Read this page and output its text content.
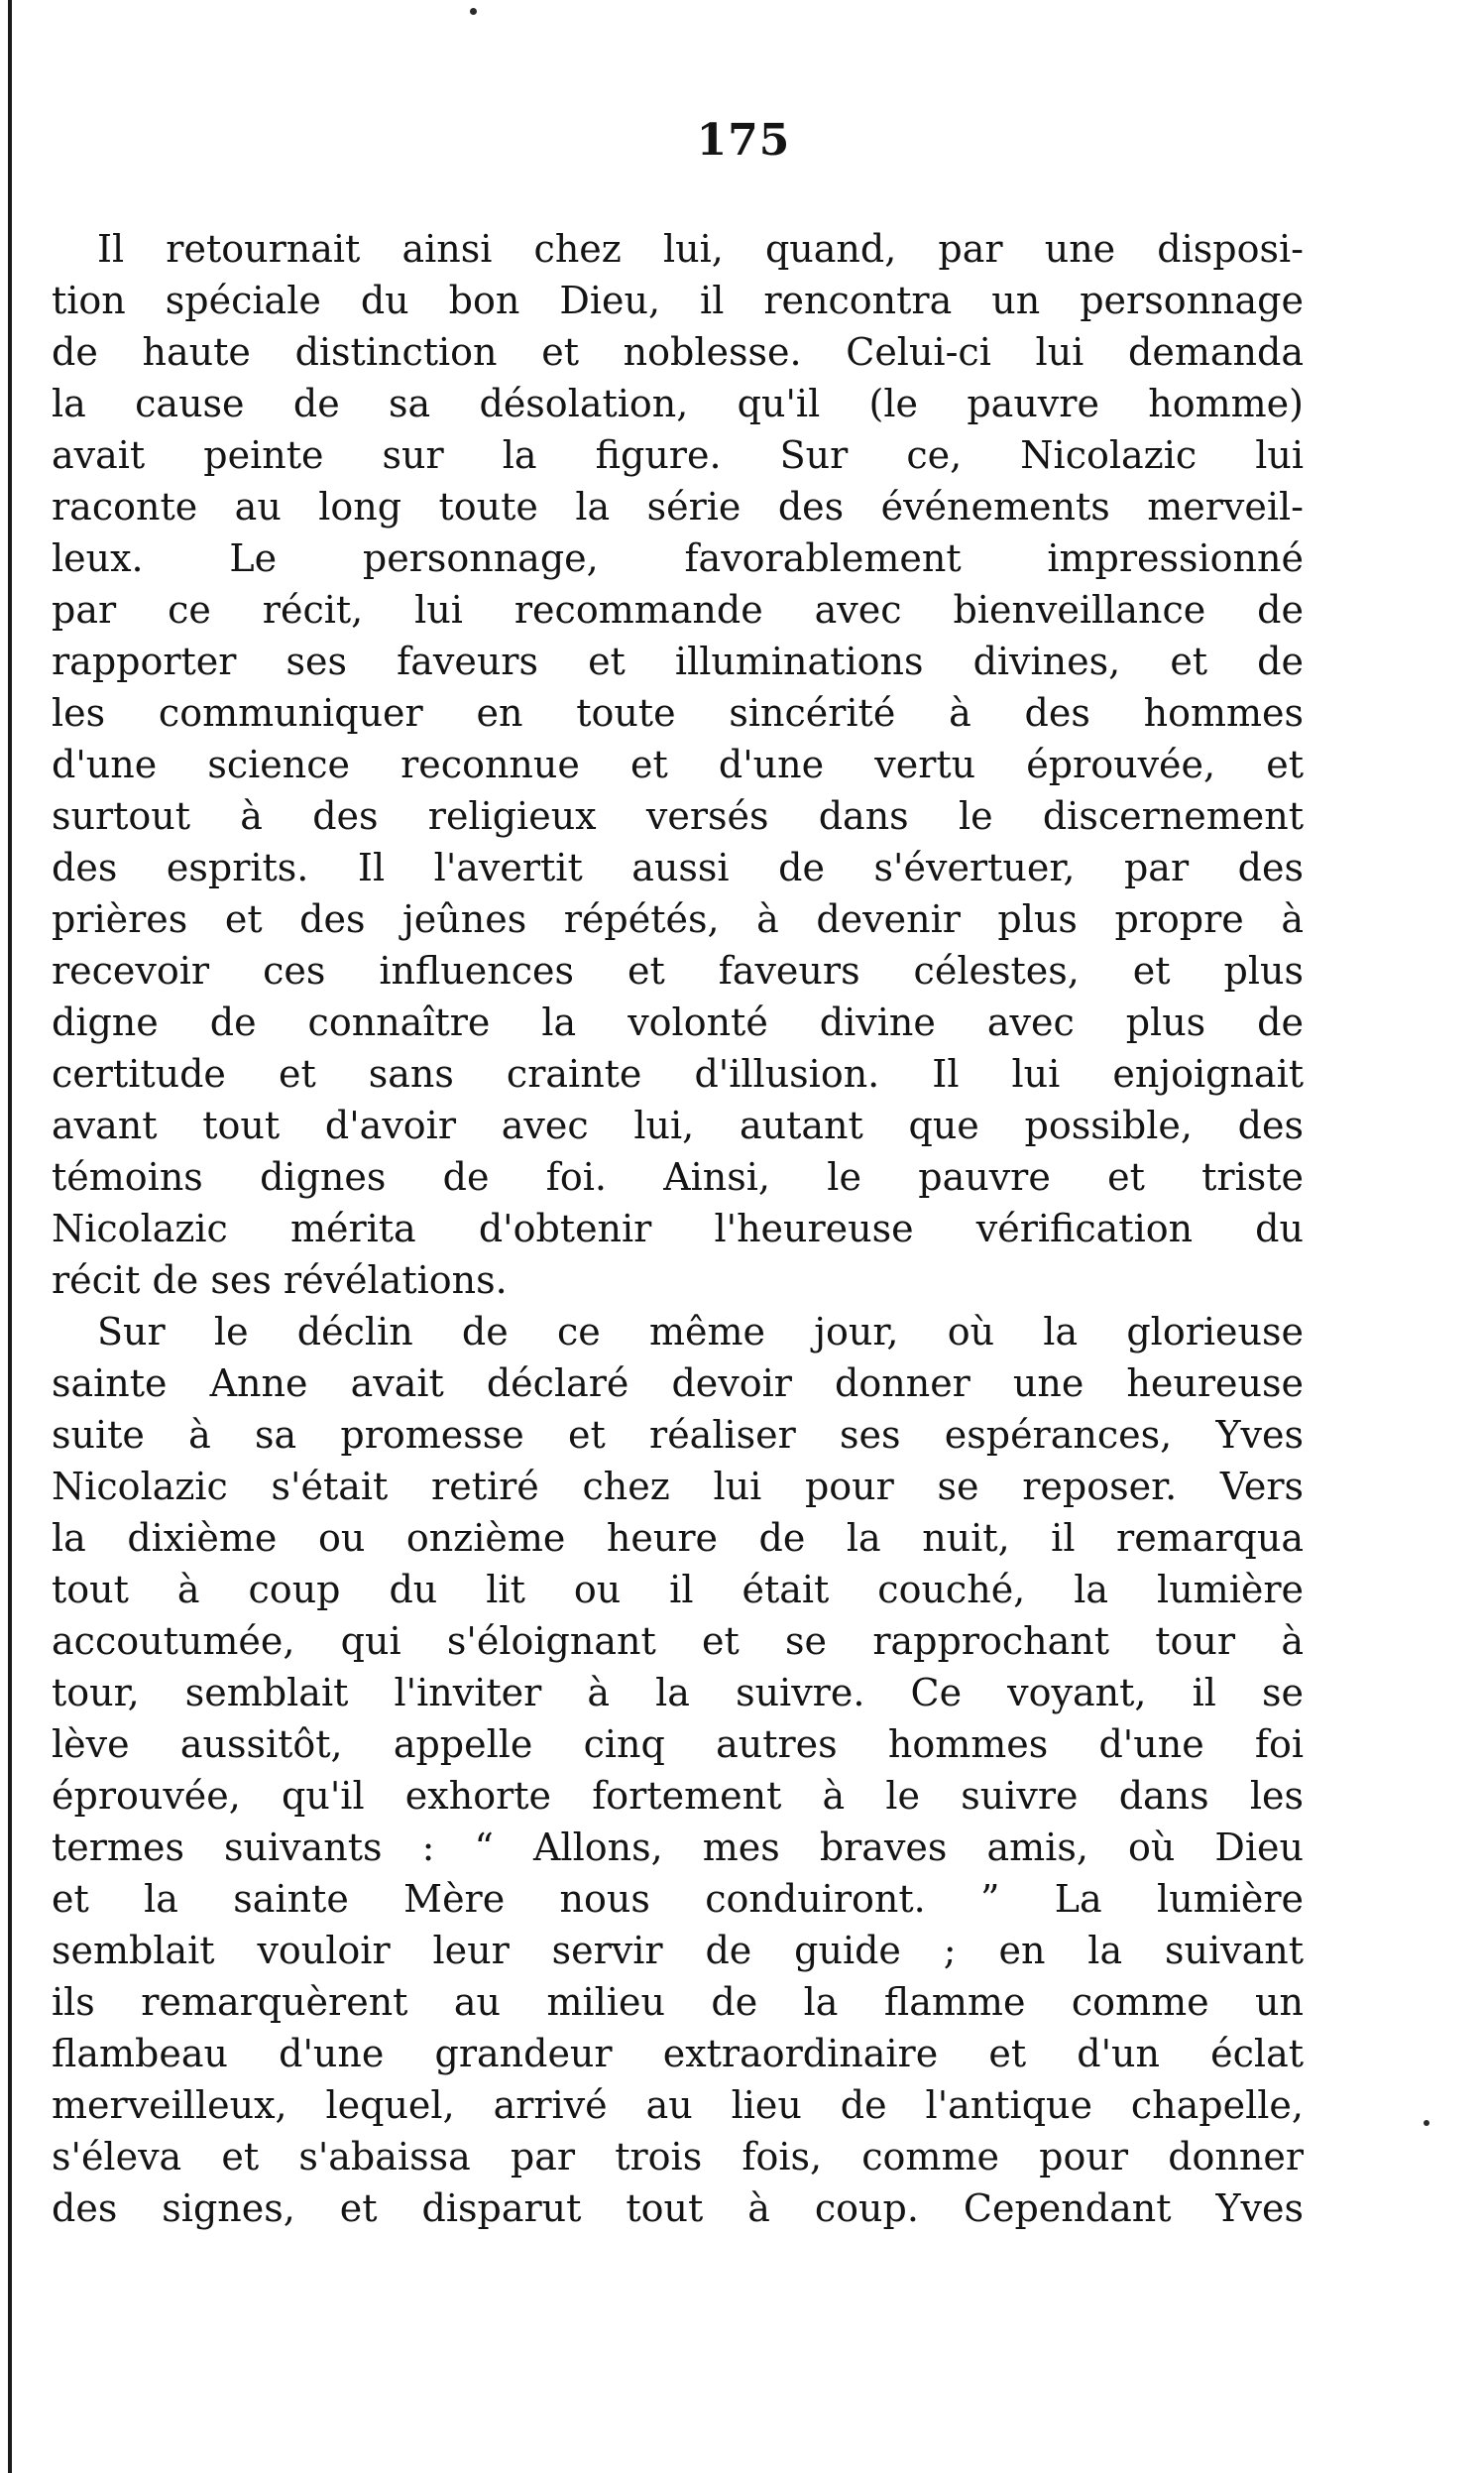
175
Il retournait ainsi chez lui, quand, par une disposi-
tion spéciale du bon Dieu, il rencontra un personnage
de haute distinction et noblesse. Celui-ci lui demanda
la cause de sa désolation, qu'il (le pauvre homme)
avait peinte sur la figure. Sur ce, Nicolazic lui
raconte au long toute la série des événements merveil-
leux. Le personnage, favorablement impressionné
par ce récit, lui recommande avec bienveillance de
rapporter ses faveurs et illuminations divines, et de
les communiquer en toute sincérité à des hommes
d'une science reconnue et d'une vertu éprouvée, et
surtout à des religieux versés dans le discernement
des esprits. Il l'avertit aussi de s'évertuer, par des
prières et des jeûnes répétés, à devenir plus propre à
recevoir ces influences et faveurs célestes, et plus
digne de connaître la volonté divine avec plus de
certitude et sans crainte d'illusion. Il lui enjoignait
avant tout d'avoir avec lui, autant que possible, des
témoins dignes de foi. Ainsi, le pauvre et triste
Nicolazic mérita d'obtenir l'heureuse vérification du
récit de ses révélations.
Sur le déclin de ce même jour, où la glorieuse
sainte Anne avait déclaré devoir donner une heureuse
suite à sa promesse et réaliser ses espérances, Yves
Nicolazic s'était retiré chez lui pour se reposer. Vers
la dixième ou onzième heure de la nuit, il remarqua
tout à coup du lit ou il était couché, la lumière
accoutumée, qui s'éloignant et se rapprochant tour à
tour, semblait l'inviter à la suivre. Ce voyant, il se
lève aussitôt, appelle cinq autres hommes d'une foi
éprouvée, qu'il exhorte fortement à le suivre dans les
termes suivants : “ Allons, mes braves amis, où Dieu
et la sainte Mère nous conduiront. ” La lumière
semblait vouloir leur servir de guide ; en la suivant
ils remarquèrent au milieu de la flamme comme un
flambeau d'une grandeur extraordinaire et d'un éclat
merveilleux, lequel, arrivé au lieu de l'antique chapelle,
s'éleva et s'abaissa par trois fois, comme pour donner
des signes, et disparut tout à coup. Cependant Yves
